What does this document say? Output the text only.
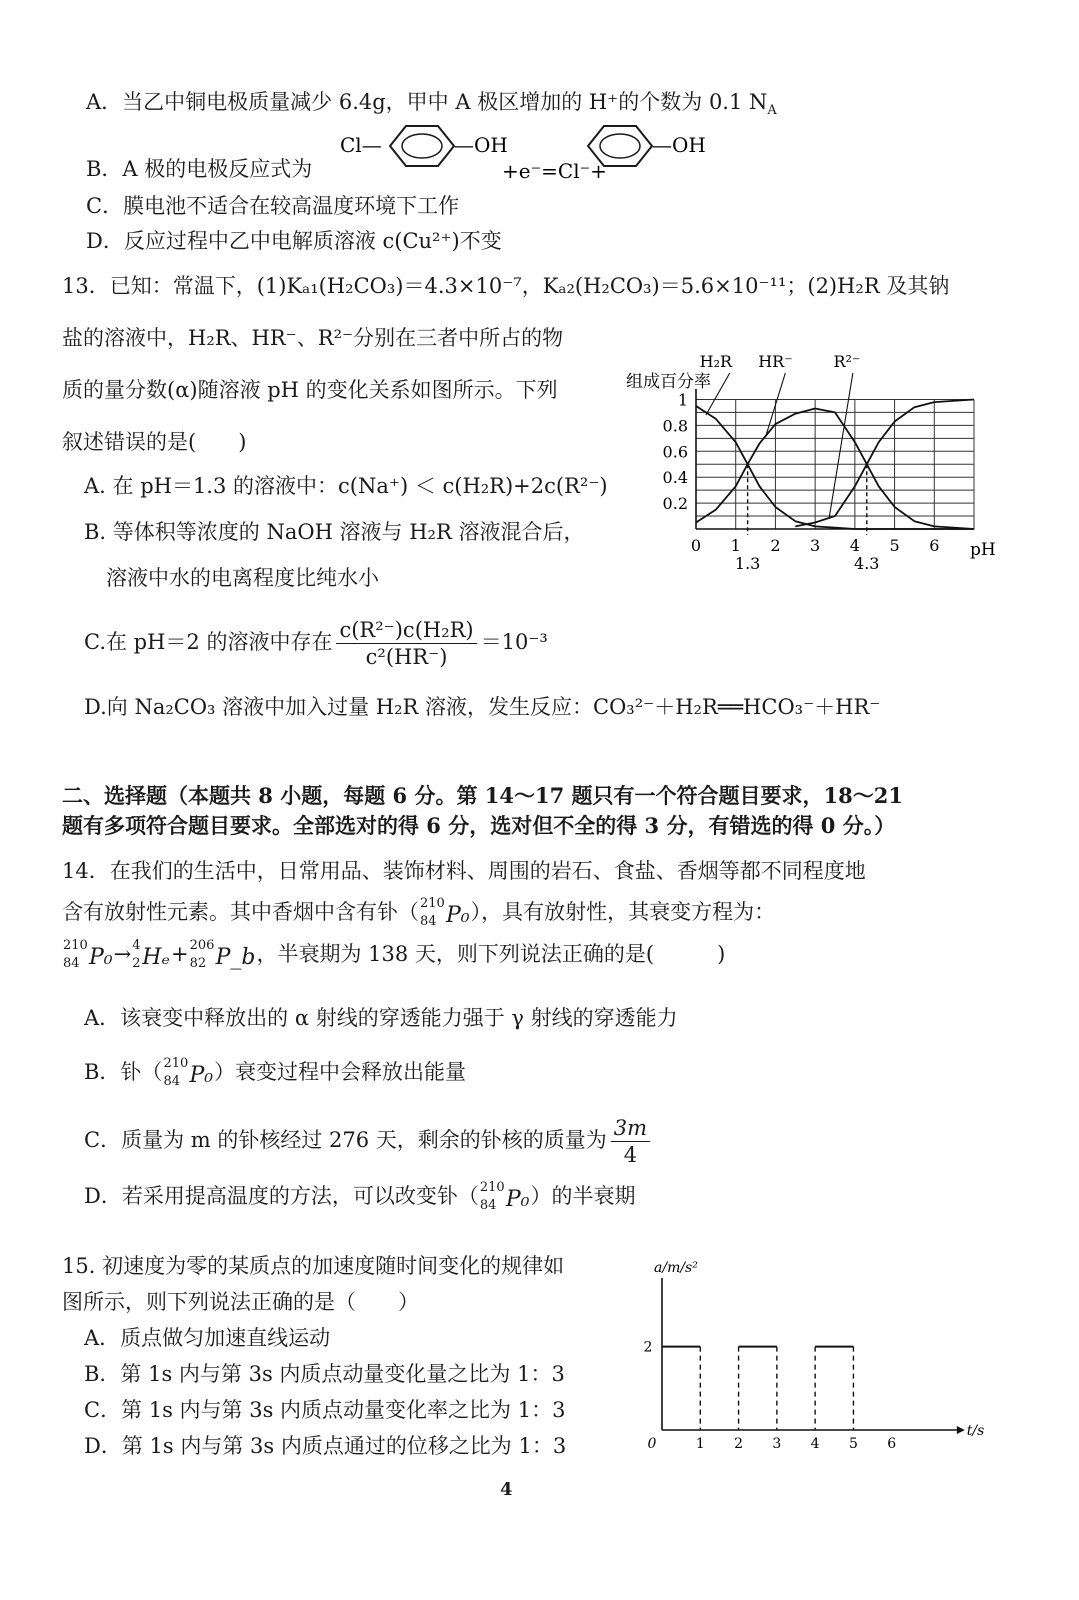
A．当乙中铜电极质量减少 6.4g，甲中 A 极区增加的 H⁺的个数为 0.1 $N_A$
Cl—	—OH
+e⁻=Cl⁻+
—OH
B．A 极的电极反应式为
C．膜电池不适合在较高温度环境下工作
D．反应过程中乙中电解质溶液 c(Cu²⁺)不变
13．已知：常温下，(1)Kₐ₁(H₂CO₃)＝4.3×10⁻⁷，Kₐ₂(H₂CO₃)＝5.6×10⁻¹¹；(2)H₂R 及其钠
盐的溶液中，H₂R、HR⁻、R²⁻分别在三者中所占的物
质的量分数(α)随溶液 pH 的变化关系如图所示。下列
叙述错误的是(　　)
A. 在 pH＝1.3 的溶液中：c(Na⁺) ＜ c(H₂R)+2c(R²⁻)
B. 等体积等浓度的 NaOH 溶液与 H₂R 溶液混合后，
溶液中水的电离程度比纯水小
C.在 pH＝2 的溶液中存在 $\frac{\text{c(R²⁻)c(H₂R)}}{\text{c²(HR⁻)}} =10^{-3}$
D.向 Na₂CO₃ 溶液中加入过量 H₂R 溶液，发生反应：CO₃²⁻＋H₂R══HCO₃⁻＋HR⁻
0.2
0.4
0.6
0.8
1
0 1 2 3 4 5 6 pH
组成百分率
1.3	4.3
H₂R HR⁻	R²⁻
二、选择题（本题共 8 小题，每题 6 分。第 14～17 题只有一个符合题目要求，18～21
题有多项符合题目要求。全部选对的得 6 分，选对但不全的得 3 分，有错选的得 0 分。）
14．在我们的生活中，日常用品、装饰材料、周围的岩石、食盐、香烟等都不同程度地
含有放射性元素。其中香烟中含有钋（ 210
84 P₀），具有放射性，其衰变方程为：
210
84 P₀→ 4
2 Hₑ+ 206
82 P_b，半衰期为 138 天，则下列说法正确的是(　　　)
A．该衰变中释放出的 α 射线的穿透能力强于 γ 射线的穿透能力
B．钋（ 210
84 P₀）衰变过程中会释放出能量
C．质量为 m 的钋核经过 276 天，剩余的钋核的质量为 $\frac{3m}{4}$
D．若采用提高温度的方法，可以改变钋（ 210
84 P₀）的半衰期
15. 初速度为零的某质点的加速度随时间变化的规律如
图所示，则下列说法正确的是（　　）
A．质点做匀加速直线运动
B．第 1s 内与第 3s 内质点动量变化量之比为 1：3
C．第 1s 内与第 3s 内质点动量变化率之比为 1：3
D．第 1s 内与第 3s 内质点通过的位移之比为 1：3
a/m/s²
t/s
0	1 2 3 4 5 6
2
4
